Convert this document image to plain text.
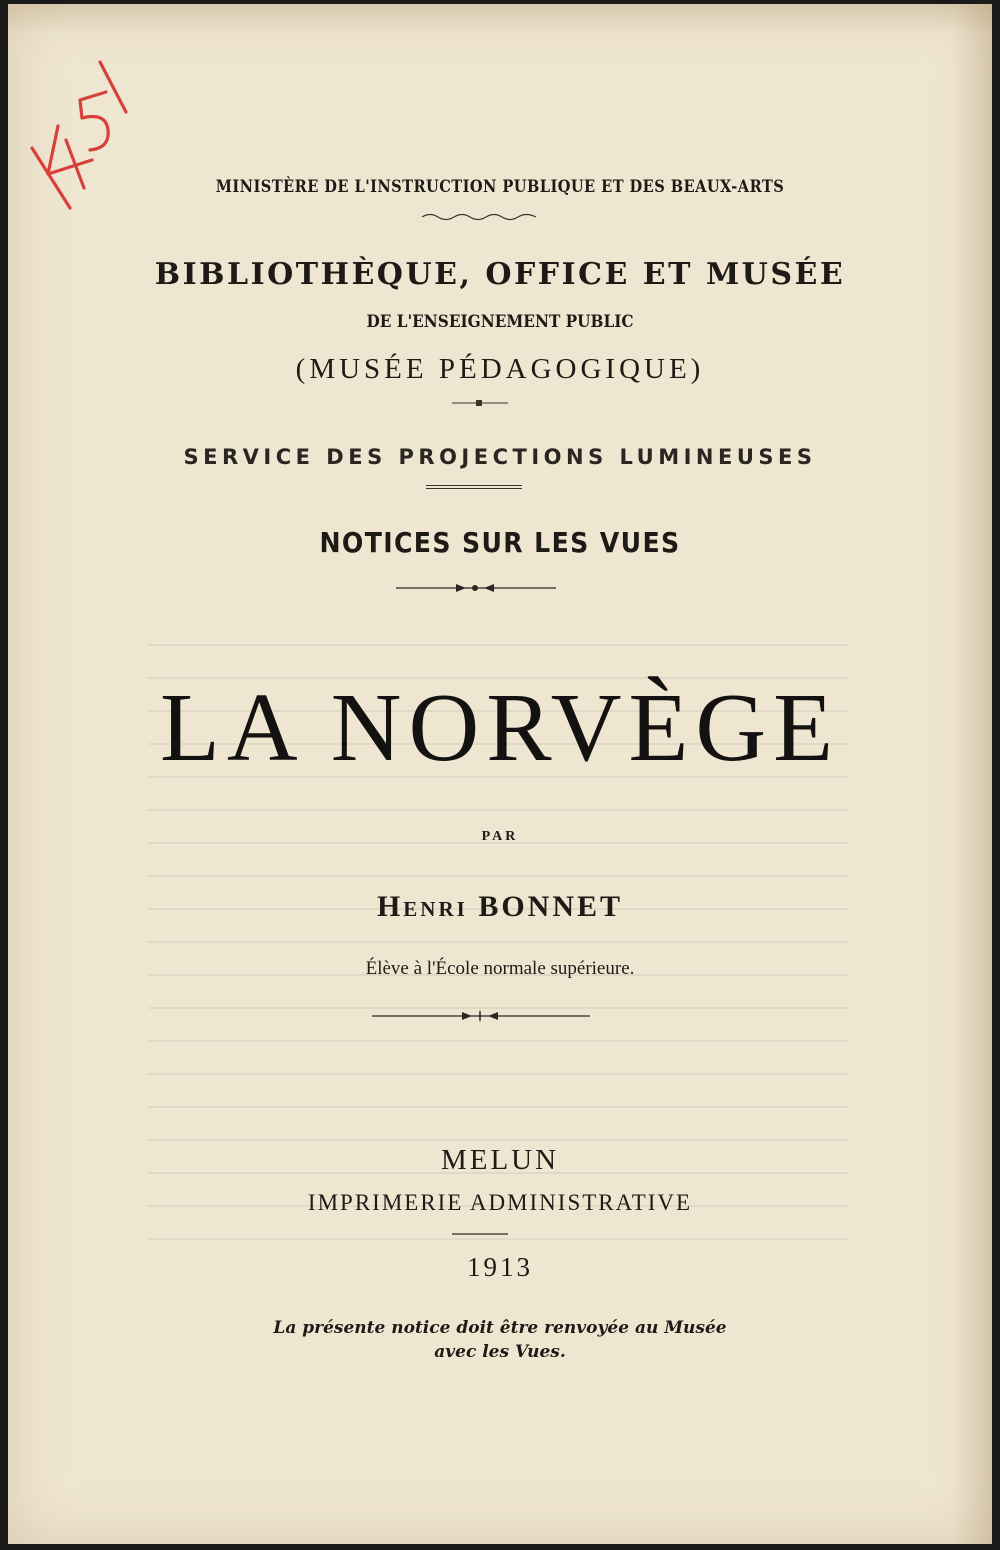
MINISTÈRE DE L'INSTRUCTION PUBLIQUE ET DES BEAUX-ARTS
BIBLIOTHÈQUE, OFFICE ET MUSÉE
DE L'ENSEIGNEMENT PUBLIC
(MUSÉE PÉDAGOGIQUE)
SERVICE DES PROJECTIONS LUMINEUSES
NOTICES SUR LES VUES
LA NORVÈGE
PAR
Henri BONNET
Élève à l'École normale supérieure.
MELUN
IMPRIMERIE ADMINISTRATIVE
1913
La présente notice doit être renvoyée au Musée
avec les Vues.
